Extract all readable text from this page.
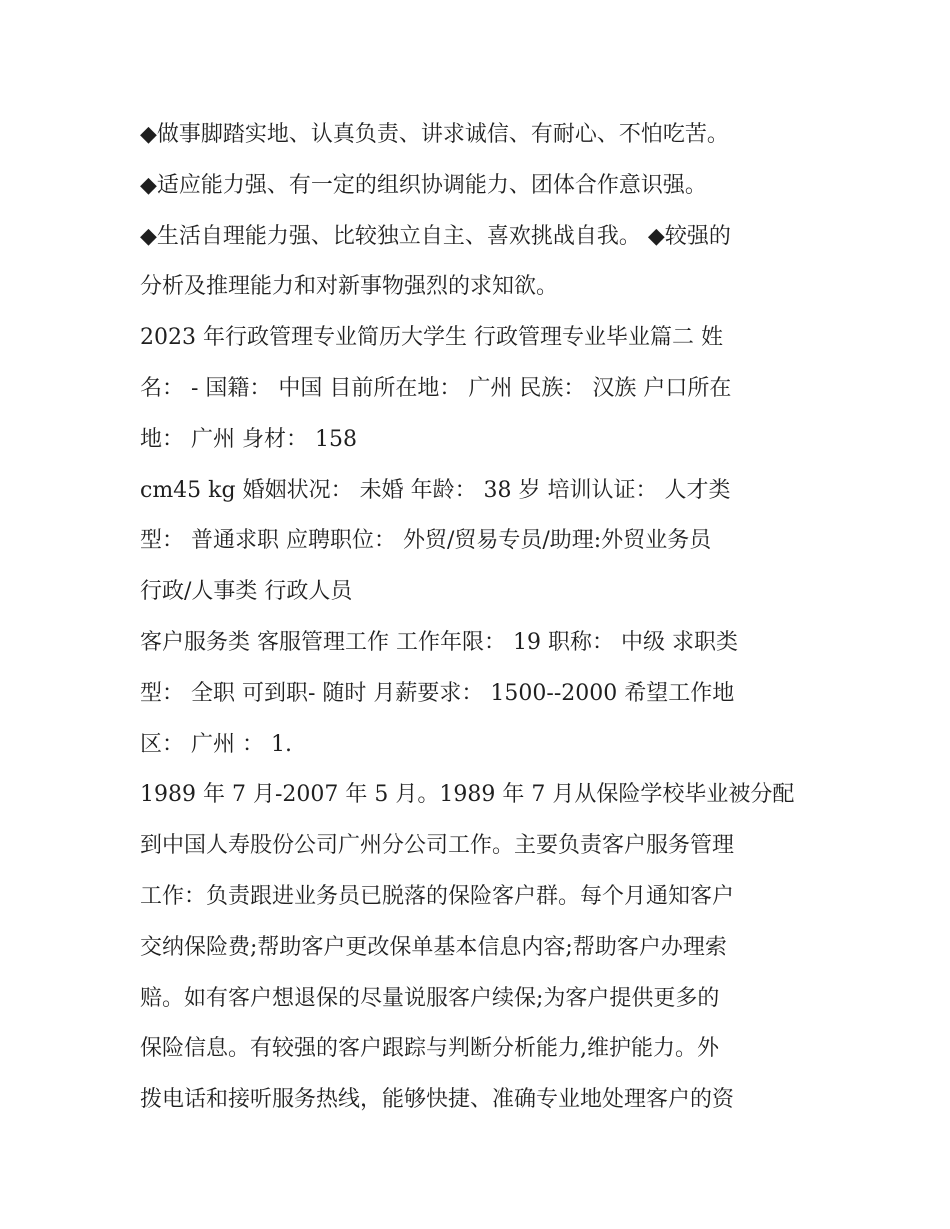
◆做事脚踏实地、认真负责、讲求诚信、有耐心、不怕吃苦。
◆适应能力强、有一定的组织协调能力、团体合作意识强。
◆生活自理能力强、比较独立自主、喜欢挑战自我。 ◆较强的
分析及推理能力和对新事物强烈的求知欲。
2023 年行政管理专业简历大学生 行政管理专业毕业篇二 姓
名： - 国籍： 中国 目前所在地： 广州 民族： 汉族 户口所在
地： 广州 身材： 158
cm45 kg 婚姻状况： 未婚 年龄： 38 岁 培训认证： 人才类
型： 普通求职 应聘职位： 外贸/贸易专员/助理:外贸业务员
行政/人事类 行政人员
客户服务类 客服管理工作 工作年限： 19 职称： 中级 求职类
型： 全职 可到职- 随时 月薪要求： 1500--2000 希望工作地
区： 广州 ： 1.
1989 年 7 月-2007 年 5 月。1989 年 7 月从保险学校毕业被分配
到中国人寿股份公司广州分公司工作。主要负责客户服务管理
工作：负责跟进业务员已脱落的保险客户群。每个月通知客户
交纳保险费;帮助客户更改保单基本信息内容;帮助客户办理索
赔。如有客户想退保的尽量说服客户续保;为客户提供更多的
保险信息。有较强的客户跟踪与判断分析能力,维护能力。外
拨电话和接听服务热线，能够快捷、准确专业地处理客户的资
